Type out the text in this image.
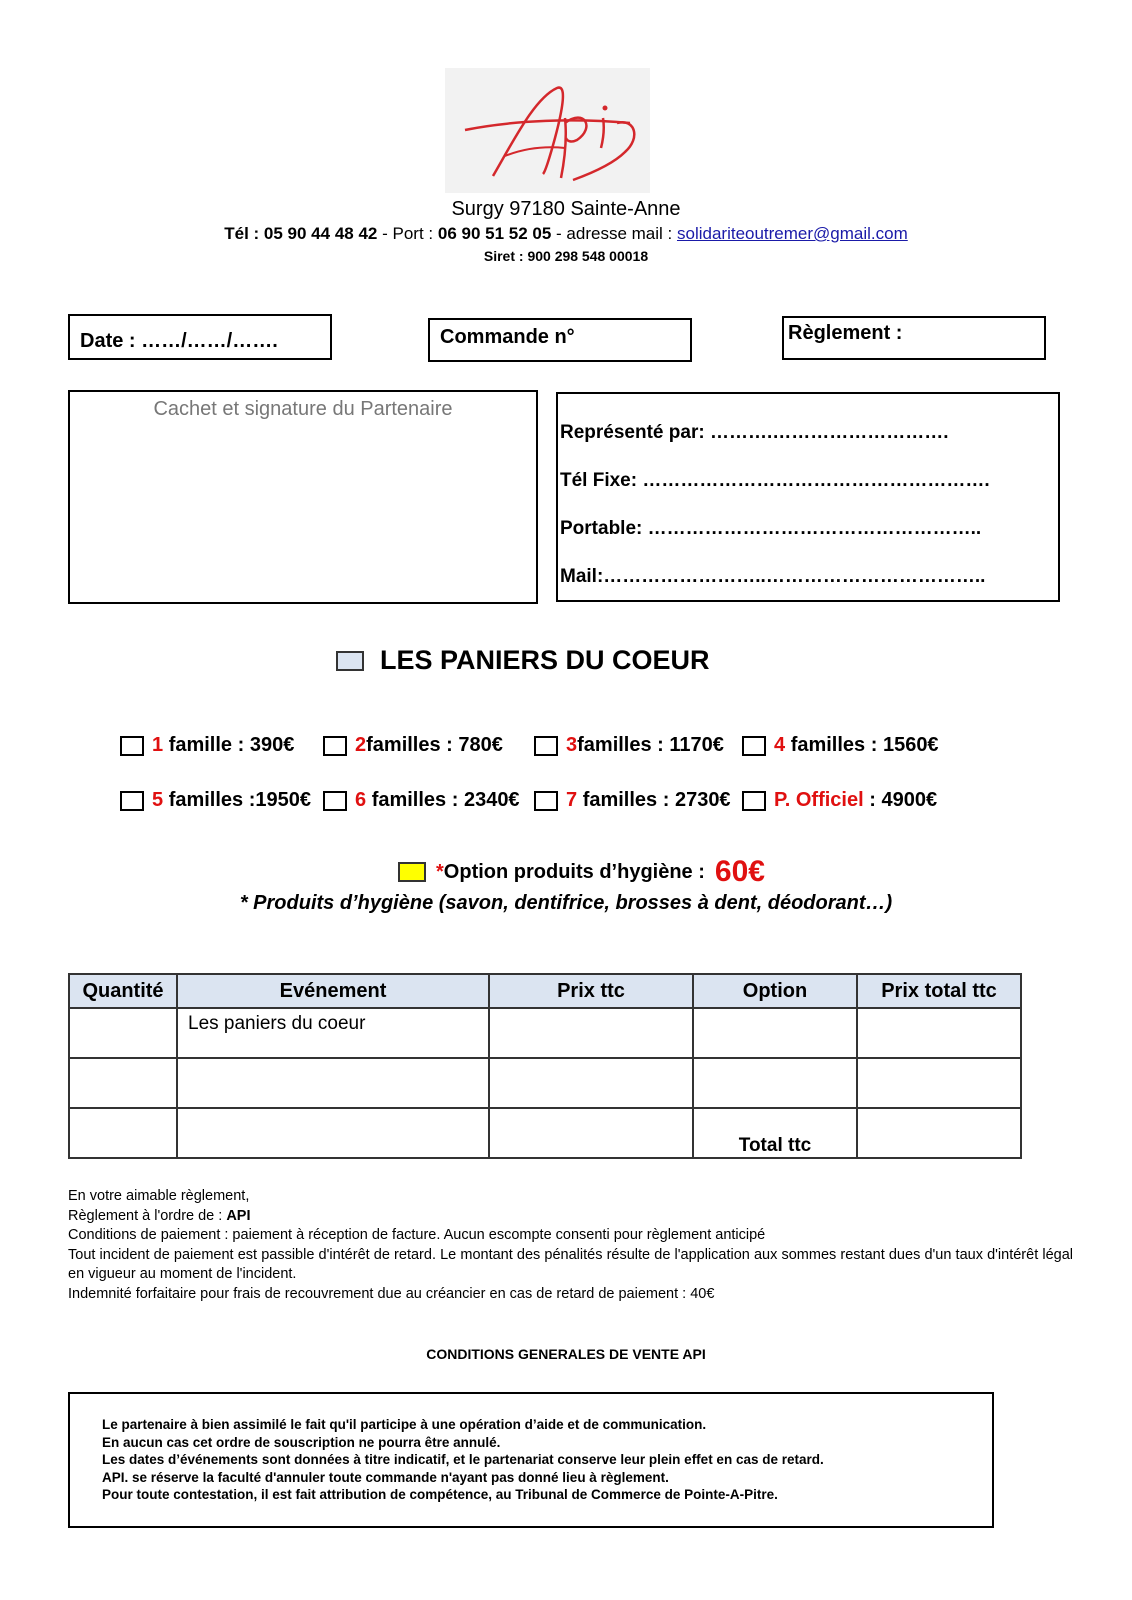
Surgy 97180 Sainte-Anne
Tél : 05 90 44 48 42 - Port : 06 90 51 52 05 - adresse mail : solidariteoutremer@gmail.com
Siret : 900 298 548 00018
Date : ……/……/…….	Commande n°	Règlement :
Cachet et signature du Partenaire
Représenté par: ……….……………………….
Tél Fixe: ……………………………………………….
Portable: ……………………………………………..
Mail:……………………..……………………………..
LES PANIERS DU COEUR
1 famille : 390€	2familles : 780€	3familles : 1170€	4 familles : 1560€
5 familles :1950€ 6 familles : 2340€ 7 familles : 2730€ P. Officiel : 4900€
*Option produits d’hygiène : 60€
* Produits d’hygiène (savon, dentifrice, brosses à dent, déodorant…)
Quantité	Evénement	Prix ttc	Option	Prix total ttc

	Les paniers du coeur			

			Total ttc	
En votre aimable règlement,
Règlement à l'ordre de : API
Conditions de paiement : paiement à réception de facture. Aucun escompte consenti pour règlement anticipé
Tout incident de paiement est passible d'intérêt de retard. Le montant des pénalités résulte de l'application aux sommes restant dues d'un taux d'intérêt légal en vigueur au moment de l'incident.
Indemnité forfaitaire pour frais de recouvrement due au créancier en cas de retard de paiement : 40€
CONDITIONS GENERALES DE VENTE API
Le partenaire à bien assimilé le fait qu'il participe à une opération d’aide et de communication.
En aucun cas cet ordre de souscription ne pourra être annulé.
Les dates d’événements sont données à titre indicatif, et le partenariat conserve leur plein effet en cas de retard.
API. se réserve la faculté d'annuler toute commande n'ayant pas donné lieu à règlement.
Pour toute contestation, il est fait attribution de compétence, au Tribunal de Commerce de Pointe-A-Pitre.
